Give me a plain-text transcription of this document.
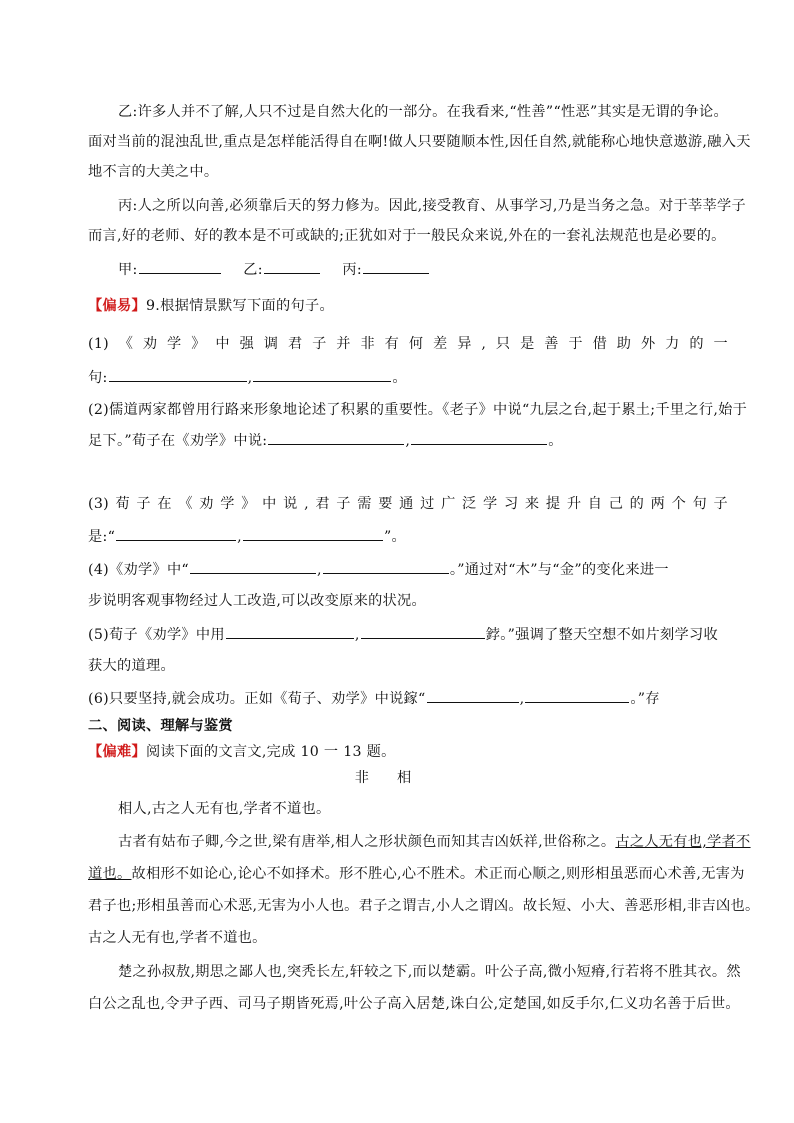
乙:许多人并不了解,人只不过是自然大化的一部分。在我看来,“性善”“性恶”其实是无谓的争论。
面对当前的混浊乱世,重点是怎样能活得自在啊!做人只要随顺本性,因任自然,就能称心地快意遨游,融入天
地不言的大美之中。
丙:人之所以向善,必须靠后天的努力修为。因此,接受教育、从事学习,乃是当务之急。对于莘莘学子
而言,好的老师、好的教本是不可或缺的;正犹如对于一般民众来说,外在的一套礼法规范也是必要的。
甲:	乙:	丙:
【偏易】9.根据情景默写下面的句子。
(1)《劝学》中强调君子并非有何差异,只是善于借助外力的一
句:	,	。
(2)儒道两家都曾用行路来形象地论述了积累的重要性。《老子》中说“九层之台,起于累土;千里之行,始于
足下。”荀子在《劝学》中说:	,	。
(3)荀子在《劝学》中说,君子需要通过广泛学习来提升自己的两个句子
是:“	,	”。
(4)《劝学》中“	,	。”通过对“木”与“金”的变化来进一
步说明客观事物经过人工改造,可以改变原来的状况。
(5)荀子《劝学》中用	,	鋍。”强调了整天空想不如片刻学习收
获大的道理。
(6)只要坚持,就会成功。正如《荀子、劝学》中说鎵“	,	。”存
二、阅读、理解与鉴赏
【偏难】阅读下面的文言文,完成 10 一 13 题。
非相
相人,古之人无有也,学者不道也。
古者有姑布子卿,今之世,梁有唐举,相人之形状颜色而知其吉凶妖祥,世俗称之。古之人无有也,学者不
道也。故相形不如论心,论心不如择术。形不胜心,心不胜术。术正而心顺之,则形相虽恶而心术善,无害为
君子也;形相虽善而心术恶,无害为小人也。君子之谓吉,小人之谓凶。故长短、小大、善恶形相,非吉凶也。
古之人无有也,学者不道也。
楚之孙叔敖,期思之鄙人也,突秃长左,轩较之下,而以楚霸。叶公子高,微小短瘠,行若将不胜其衣。然
白公之乱也,令尹子西、司马子期皆死焉,叶公子高入居楚,诛白公,定楚国,如反手尔,仁义功名善于后世。
